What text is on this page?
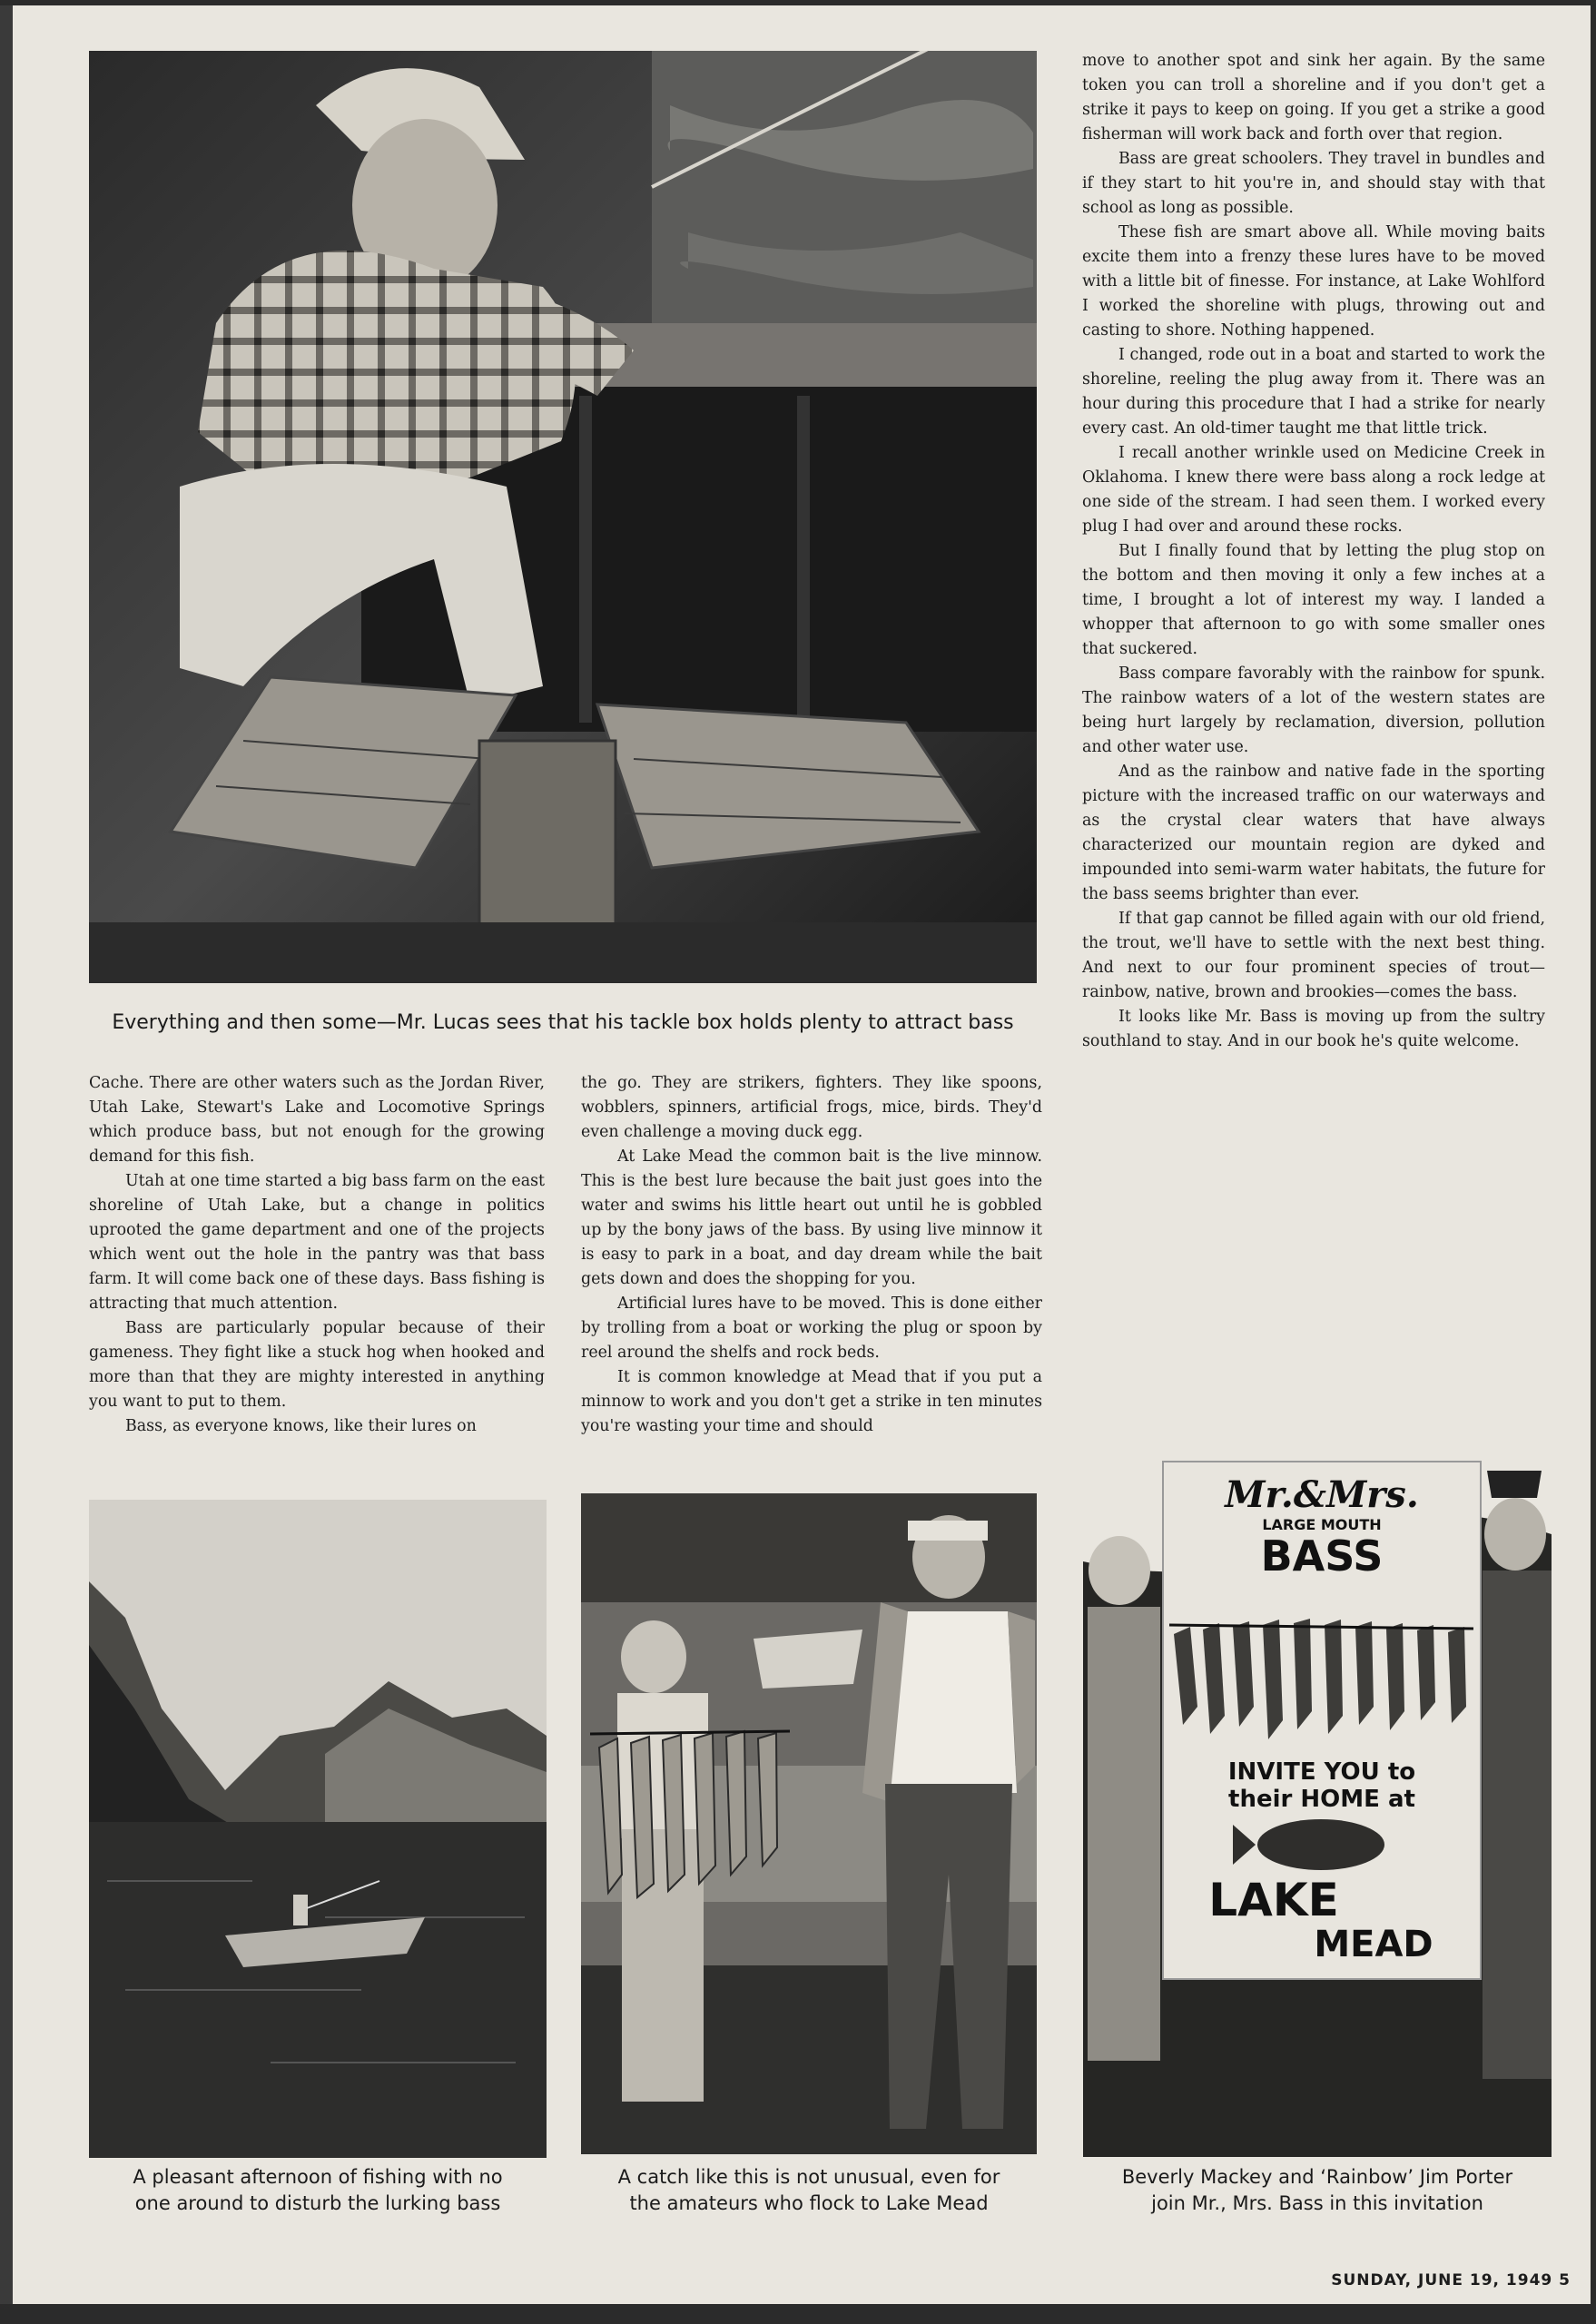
Everything and then some—Mr. Lucas sees that his tackle box holds plenty to attract bass

move to another spot and sink her again. By the same token you can troll a shoreline and if you don't get a strike it pays to keep on going. If you get a strike a good fisherman will work back and forth over that region.

Bass are great schoolers. They travel in bundles and if they start to hit you're in, and should stay with that school as long as possible.

These fish are smart above all. While moving baits excite them into a frenzy these lures have to be moved with a little bit of finesse. For instance, at Lake Wohlford I worked the shoreline with plugs, throwing out and casting to shore. Nothing happened.

I changed, rode out in a boat and started to work the shoreline, reeling the plug away from it. There was an hour during this procedure that I had a strike for nearly every cast. An old-timer taught me that little trick.

I recall another wrinkle used on Medicine Creek in Oklahoma. I knew there were bass along a rock ledge at one side of the stream. I had seen them. I worked every plug I had over and around these rocks.

But I finally found that by letting the plug stop on the bottom and then moving it only a few inches at a time, I brought a lot of interest my way. I landed a whopper that afternoon to go with some smaller ones that suckered.

Bass compare favorably with the rainbow for spunk. The rainbow waters of a lot of the western states are being hurt largely by reclamation, diversion, pollution and other water use.

And as the rainbow and native fade in the sporting picture with the increased traffic on our waterways and as the crystal clear waters that have always characterized our mountain region are dyked and impounded into semi-warm water habitats, the future for the bass seems brighter than ever.

If that gap cannot be filled again with our old friend, the trout, we'll have to settle with the next best thing. And next to our four prominent species of trout—rainbow, native, brown and brookies—comes the bass.

It looks like Mr. Bass is moving up from the sultry southland to stay. And in our book he's quite welcome.

Cache. There are other waters such as the Jordan River, Utah Lake, Stewart's Lake and Locomotive Springs which produce bass, but not enough for the growing demand for this fish.

Utah at one time started a big bass farm on the east shoreline of Utah Lake, but a change in politics uprooted the game department and one of the projects which went out the hole in the pantry was that bass farm. It will come back one of these days. Bass fishing is attracting that much attention.

Bass are particularly popular because of their gameness. They fight like a stuck hog when hooked and more than that they are mighty interested in anything you want to put to them.

Bass, as everyone knows, like their lures on

the go. They are strikers, fighters. They like spoons, wobblers, spinners, artificial frogs, mice, birds. They'd even challenge a moving duck egg.

At Lake Mead the common bait is the live minnow. This is the best lure because the bait just goes into the water and swims his little heart out until he is gobbled up by the bony jaws of the bass. By using live minnow it is easy to park in a boat, and day dream while the bait gets down and does the shopping for you.

Artificial lures have to be moved. This is done either by trolling from a boat or working the plug or spoon by reel around the shelfs and rock beds.

It is common knowledge at Mead that if you put a minnow to work and you don't get a strike in ten minutes you're wasting your time and should

A pleasant afternoon of fishing with no one around to disturb the lurking bass
A catch like this is not unusual, even for the amateurs who flock to Lake Mead
Mr.&Mrs.
LARGE MOUTH
BASS
INVITE YOU to
their HOME at
LAKE
MEAD
Beverly Mackey and ‘Rainbow’ Jim Porter join Mr., Mrs. Bass in this invitation
SUNDAY, JUNE 19, 1949 5
